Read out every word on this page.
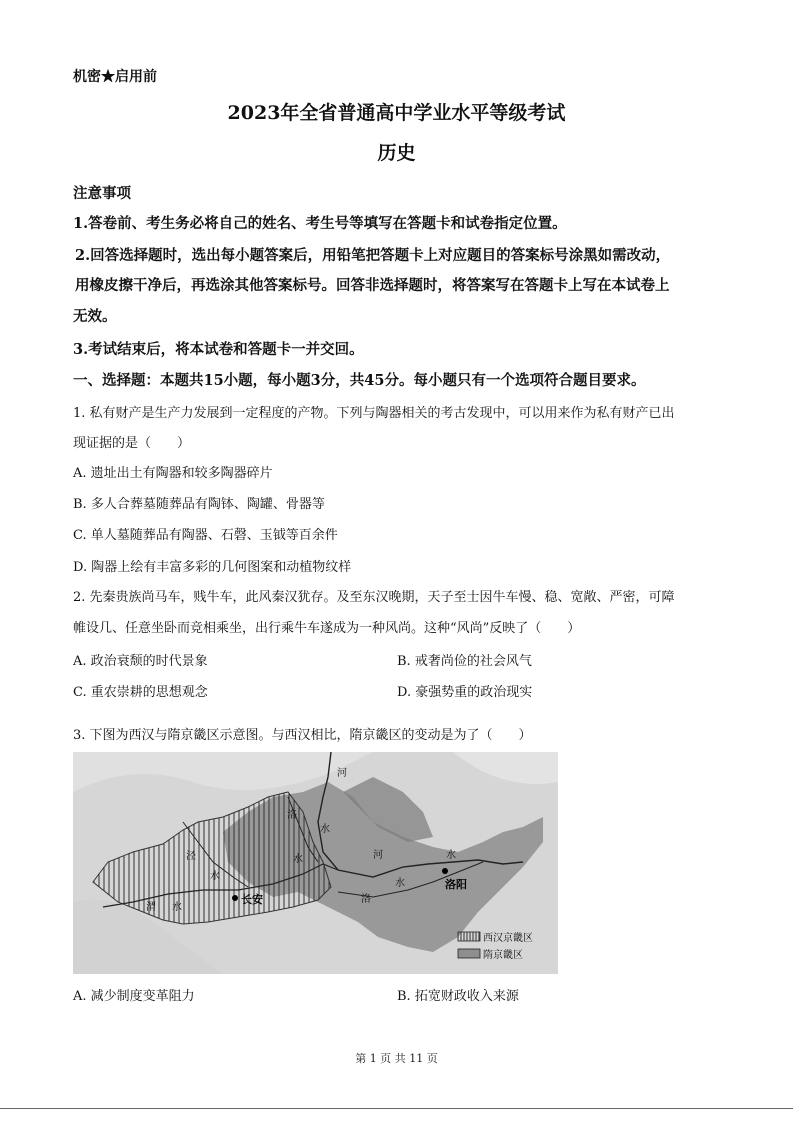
机密★启用前
2023年全省普通高中学业水平等级考试
历史
注意事项
1.答卷前、考生务必将自己的姓名、考生号等填写在答题卡和试卷指定位置。
2.回答选择题时，选出每小题答案后，用铅笔把答题卡上对应题目的答案标号涂黑如需改动，
用橡皮擦干净后，再选涂其他答案标号。回答非选择题时，将答案写在答题卡上写在本试卷上
无效。
3.考试结束后，将本试卷和答题卡一并交回。
一、选择题：本题共15小题，每小题3分，共45分。每小题只有一个选项符合题目要求。
1. 私有财产是生产力发展到一定程度的产物。下列与陶器相关的考古发现中，可以用来作为私有财产已出
现证据的是（　　）
A. 遗址出土有陶器和较多陶器碎片
B. 多人合葬墓随葬品有陶钵、陶罐、骨器等
C. 单人墓随葬品有陶器、石磬、玉钺等百余件
D. 陶器上绘有丰富多彩的几何图案和动植物纹样
2. 先秦贵族尚马车，贱牛车，此风秦汉犹存。及至东汉晚期，天子至士因牛车慢、稳、宽敞、严密，可障
帷设几、任意坐卧而竞相乘坐，出行乘牛车遂成为一种风尚。这种“风尚”反映了（　　）
A. 政治衰颓的时代景象	B. 戒奢尚俭的社会风气
C. 重农崇耕的思想观念	D. 豪强势重的政治现实
3. 下图为西汉与隋京畿区示意图。与西汉相比，隋京畿区的变动是为了（　　）
河
洛
水
泾
水
水
渭 水
河	水
洛
水
长安
洛阳
西汉京畿区
隋京畿区
A. 减少制度变革阻力	B. 拓宽财政收入来源
第 1 页 共 11 页
